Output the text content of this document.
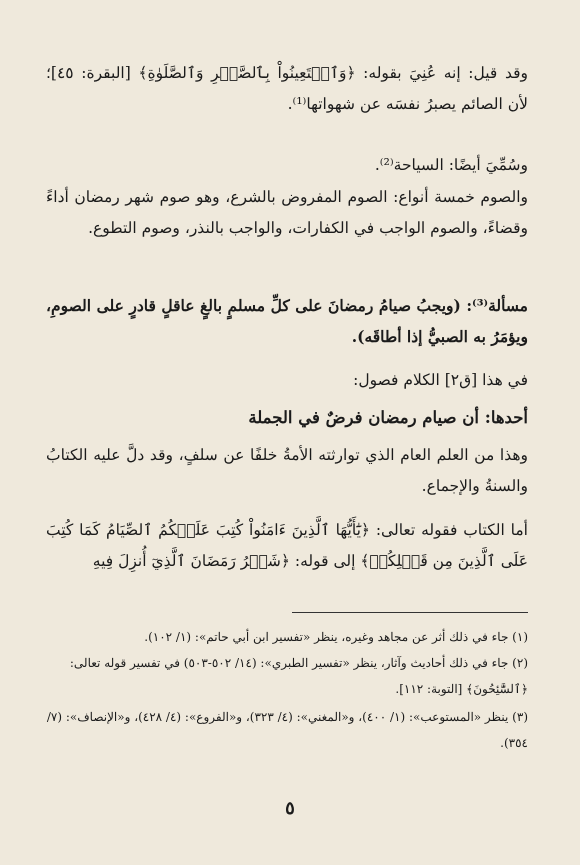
وقد قيل: إنه عُنِيَ بقوله: ﴿وَٱسۡتَعِينُواْ بِٱلصَّبۡرِ وَٱلصَّلَوٰةِ﴾ [البقرة: ٤٥]؛ لأن الصائم يصبرُ نفسَه عن شهواتها⁽¹⁾.

وسُمِّيَ أيضًا: السياحة⁽²⁾.

والصوم خمسة أنواع: الصوم المفروض بالشرع، وهو صوم شهر رمضان أداءً وقضاءً، والصوم الواجب في الكفارات، والواجب بالنذر، وصوم التطوع.

مسألة⁽³⁾: (ويجبُ صيامُ رمضانَ على كلِّ مسلمٍ بالغٍ عاقلٍ قادرٍ على الصومِ، ويؤمَرُ به الصبيُّ إذا أطاقَه).

في هذا [ق٢] الكلام فصول:

أحدها: أن صيام رمضان فرضٌ في الجملة

وهذا من العلم العام الذي توارثته الأمةُ خلفًا عن سلفٍ، وقد دلَّ عليه الكتابُ والسنةُ والإجماع.

أما الكتاب فقوله تعالى: ﴿يَٰٓأَيُّهَا ٱلَّذِينَ ءَامَنُواْ كُتِبَ عَلَيۡكُمُ ٱلصِّيَامُ كَمَا كُتِبَ عَلَى ٱلَّذِينَ مِن قَبۡلِكُمۡ﴾ إلى قوله: ﴿شَهۡرُ رَمَضَانَ ٱلَّذِيٓ أُنزِلَ فِيهِ

(١) جاء في ذلك أثر عن مجاهد وغيره، ينظر «تفسير ابن أبي حاتم»: (١/ ١٠٢).

(٢) جاء في ذلك أحاديث وآثار، ينظر «تفسير الطبري»: (١٤/ ٥٠٢-٥٠٣) في تفسير قوله تعالى: ﴿ٱلسَّٰٓئِحُونَ﴾ [التوبة: ١١٢].

(٣) ينظر «المستوعب»: (١/ ٤٠٠)، و«المغني»: (٤/ ٣٢٣)، و«الفروع»: (٤/ ٤٢٨)، و«الإنصاف»: (٧/ ٣٥٤).

٥
